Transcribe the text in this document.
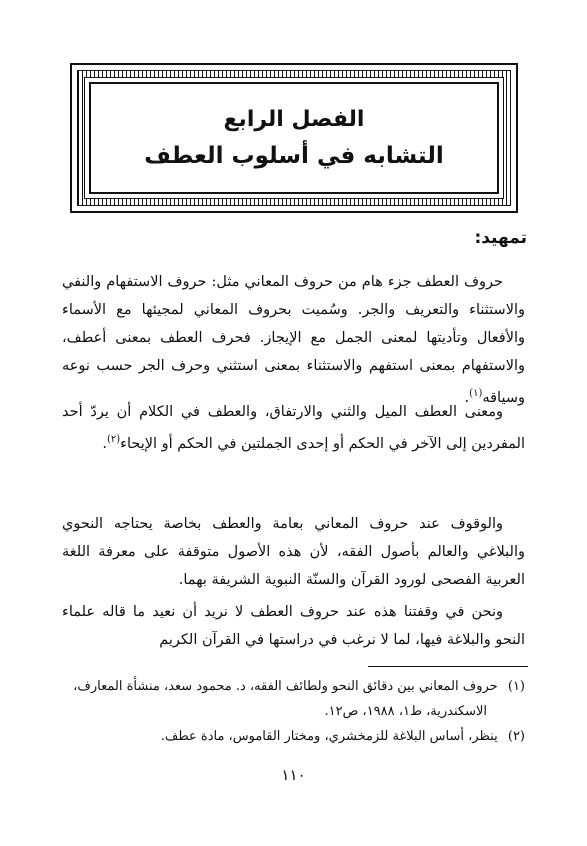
الفصل الرابع
التشابه في أسلوب العطف
تمهيد:

حروف العطف جزء هام من حروف المعاني مثل: حروف الاستفهام والنفي والاستثناء والتعريف والجر. وسُميت بحروف المعاني لمجيئها مع الأسماء والأفعال وتأديتها لمعنى الجمل مع الإيجاز. فحرف العطف بمعنى أعطف، والاستفهام بمعنى استفهم والاستثناء بمعنى استثني وحرف الجر حسب نوعه وسياقه$^{(١)}$.

ومعنى العطف الميل والثني والارتفاق، والعطف في الكلام أن يردّ أحد المفردين إلى الآخر في الحكم أو إحدى الجملتين في الحكم أو الإيحاء$^{(٢)}$.

والوقوف عند حروف المعاني بعامة والعطف بخاصة يحتاجه النحوي والبلاغي والعالم بأصول الفقه، لأن هذه الأصول متوقفة على معرفة اللغة العربية الفصحى لورود القرآن والسنّة النبوية الشريفة بهما.

ونحن في وقفتنا هذه عند حروف العطف لا نريد أن نعيد ما قاله علماء النحو والبلاغة فيها، لما لا نرغب في دراستها في القرآن الكريم

(١) حروف المعاني بين دقائق النحو ولطائف الفقه، د. محمود سعد، منشأة المعارف،
الاسكندرية، ط١، ١٩٨٨، ص١٢.
(٢) ينظر، أساس البلاغة للزمخشري، ومختار القاموس، مادة عطف.
١١٠
